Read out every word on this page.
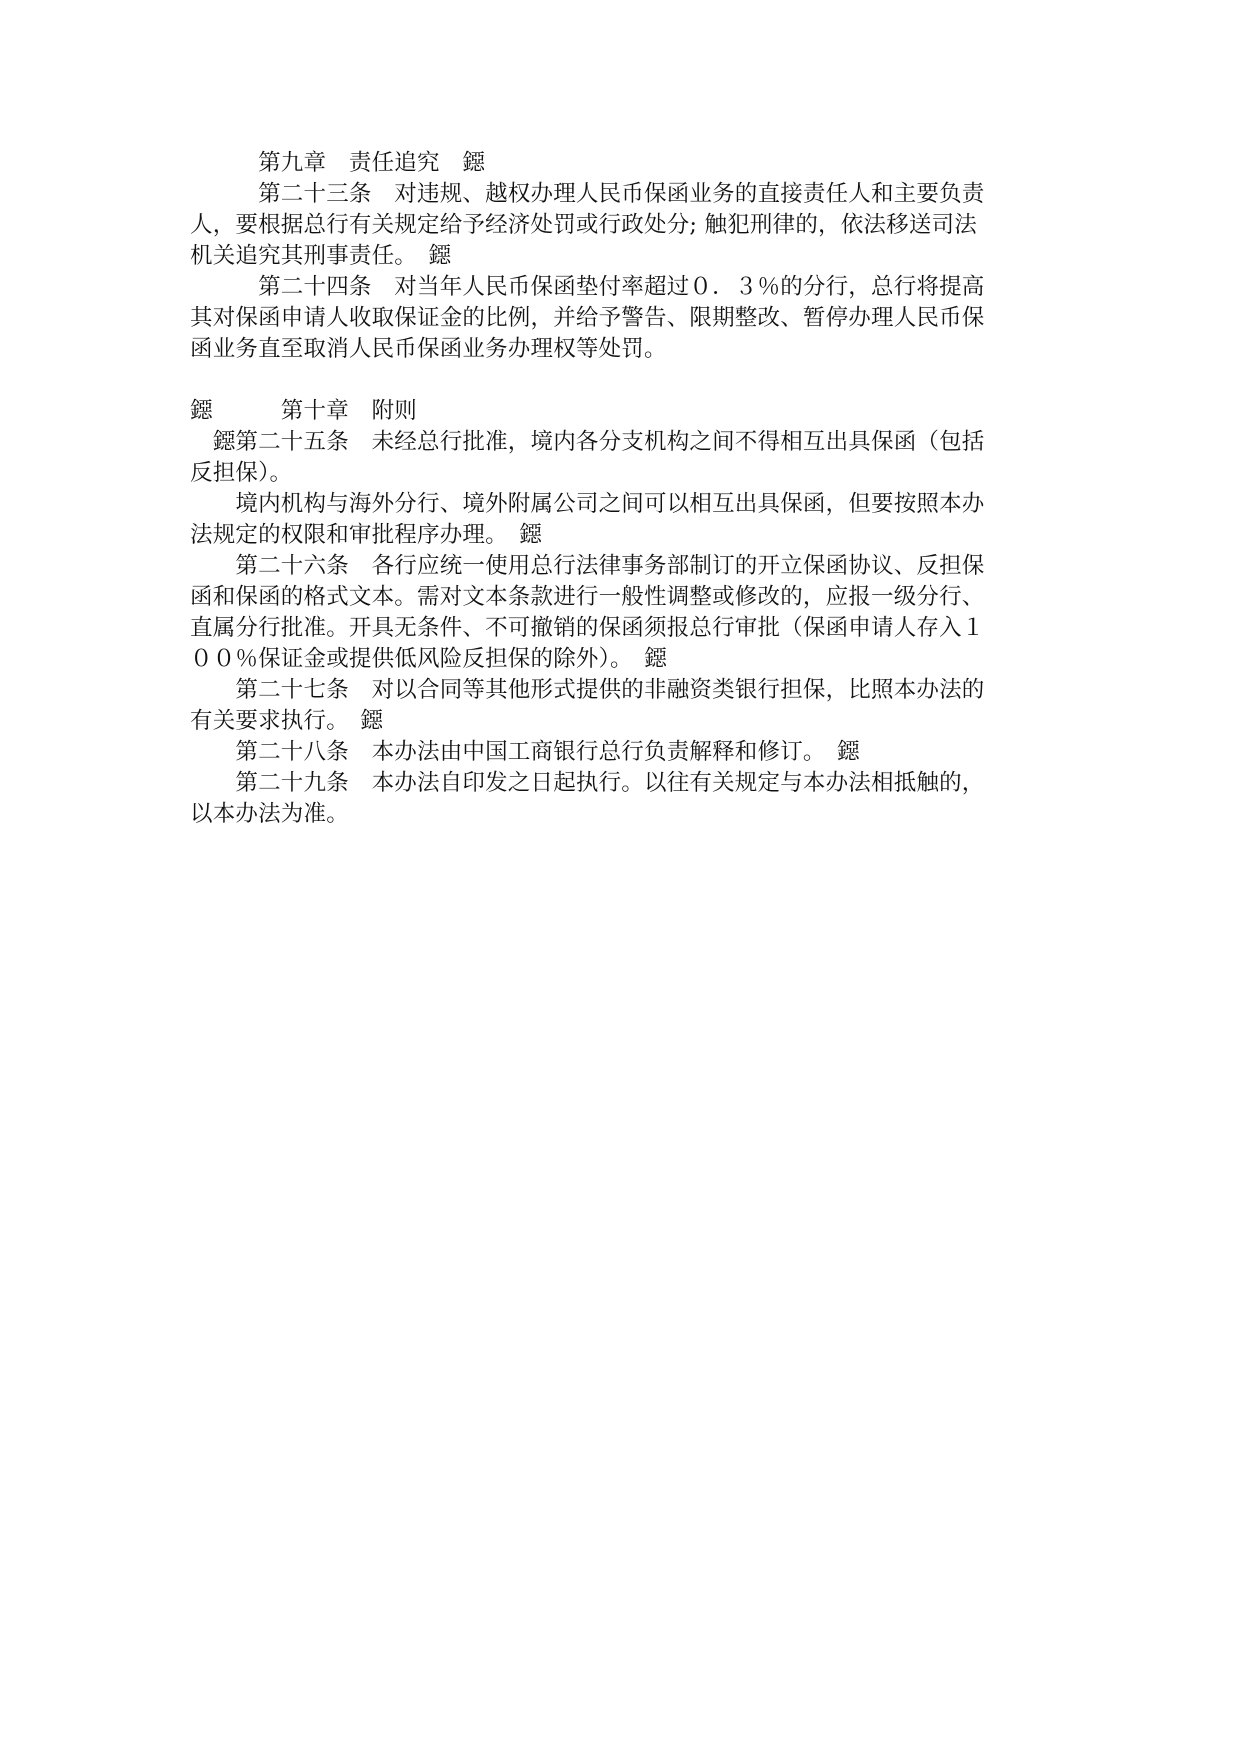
　　　第九章　责任追究　鐚
　　　第二十三条　对违规、越权办理人民币保函业务的直接责任人和主要负责
人，要根据总行有关规定给予经济处罚或行政处分; 触犯刑律的，依法移送司法
机关追究其刑事责任。　鐚
　　　第二十四条　对当年人民币保函垫付率超过０．３％的分行，总行将提高
其对保函申请人收取保证金的比例，并给予警告、限期整改、暂停办理人民币保
函业务直至取消人民币保函业务办理权等处罚。
鐚　　　第十章　附则
　鐚第二十五条　未经总行批准，境内各分支机构之间不得相互出具保函（包括
反担保）。
　　境内机构与海外分行、境外附属公司之间可以相互出具保函，但要按照本办
法规定的权限和审批程序办理。　鐚
　　第二十六条　各行应统一使用总行法律事务部制订的开立保函协议、反担保
函和保函的格式文本。需对文本条款进行一般性调整或修改的，应报一级分行、
直属分行批准。开具无条件、不可撤销的保函须报总行审批（保函申请人存入１
００％保证金或提供低风险反担保的除外）。　鐚
　　第二十七条　对以合同等其他形式提供的非融资类银行担保，比照本办法的
有关要求执行。　鐚
　　第二十八条　本办法由中国工商银行总行负责解释和修订。　鐚
　　第二十九条　本办法自印发之日起执行。以往有关规定与本办法相抵触的，
以本办法为准。
